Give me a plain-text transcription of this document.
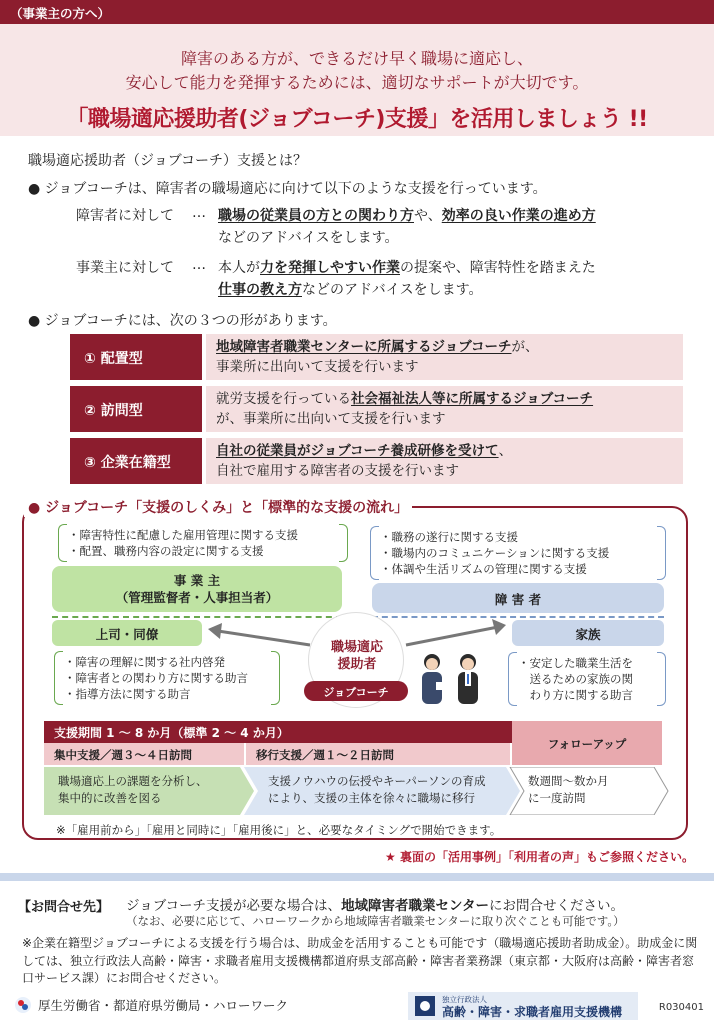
（事業主の方へ）
障害のある方が、できるだけ早く職場に適応し、
安心して能力を発揮するためには、適切なサポートが大切です。
「職場適応援助者(ジョブコーチ)支援」を活用しましょう !!
職場適応援助者（ジョブコーチ）支援とは？
● ジョブコーチは、障害者の職場適応に向けて以下のような支援を行っています。
障害者に対して … 職場の従業員の方との関わり方や、効率の良い作業の進め方
などのアドバイスをします。
事業主に対して … 本人が力を発揮しやすい作業の提案や、障害特性を踏まえた
仕事の教え方などのアドバイスをします。
● ジョブコーチには、次の３つの形があります。
① 配置型
地域障害者職業センターに所属するジョブコーチが、
事業所に出向いて支援を行います
② 訪問型
就労支援を行っている社会福祉法人等に所属するジョブコーチ
が、事業所に出向いて支援を行います
③ 企業在籍型
自社の従業員がジョブコーチ養成研修を受けて、
自社で雇用する障害者の支援を行います
● ジョブコーチ「支援のしくみ」と「標準的な支援の流れ」
・障害特性に配慮した雇用管理に関する支援
・配置、職務内容の設定に関する支援
・職務の遂行に関する支援
・職場内のコミュニケーションに関する支援
・体調や生活リズムの管理に関する支援
事 業 主
（管理監督者・人事担当者）
上司・同僚
障 害 者
家族
職場適応
援助者
ジョブコーチ
・障害の理解に関する社内啓発
・障害者との関わり方に関する助言
・指導方法に関する助言
・安定した職業生活を
　送るための家族の関
　わり方に関する助言
支援期間 1 ～ 8 か月（標準 2 ～ 4 か月）
集中支援／週３～４日訪問	移行支援／週１～２日訪問
フォローアップ
職場適応上の課題を分析し、
集中的に改善を図る
支援ノウハウの伝授やキーパーソンの育成
により、支援の主体を徐々に職場に移行
数週間～数か月
に一度訪問
※「雇用前から」「雇用と同時に」「雇用後に」と、必要なタイミングで開始できます。
★ 裏面の「活用事例」「利用者の声」もご参照ください。
【お問合せ先】 ジョブコーチ支援が必要な場合は、地域障害者職業センターにお問合せください。
（なお、必要に応じて、ハローワークから地域障害者職業センターに取り次ぐことも可能です。）
※企業在籍型ジョブコーチによる支援を行う場合は、助成金を活用することも可能です（職場適応援助者助成金）。助成金に関しては、独立行政法人高齢・障害・求職者雇用支援機構都道府県支部高齢・障害者業務課（東京都・大阪府は高齢・障害者窓口サービス課）にお問合せください。
厚生労働省・都道府県労働局・ハローワーク	独立行政法人
高齢・障害・求職者雇用支援機構	R030401
